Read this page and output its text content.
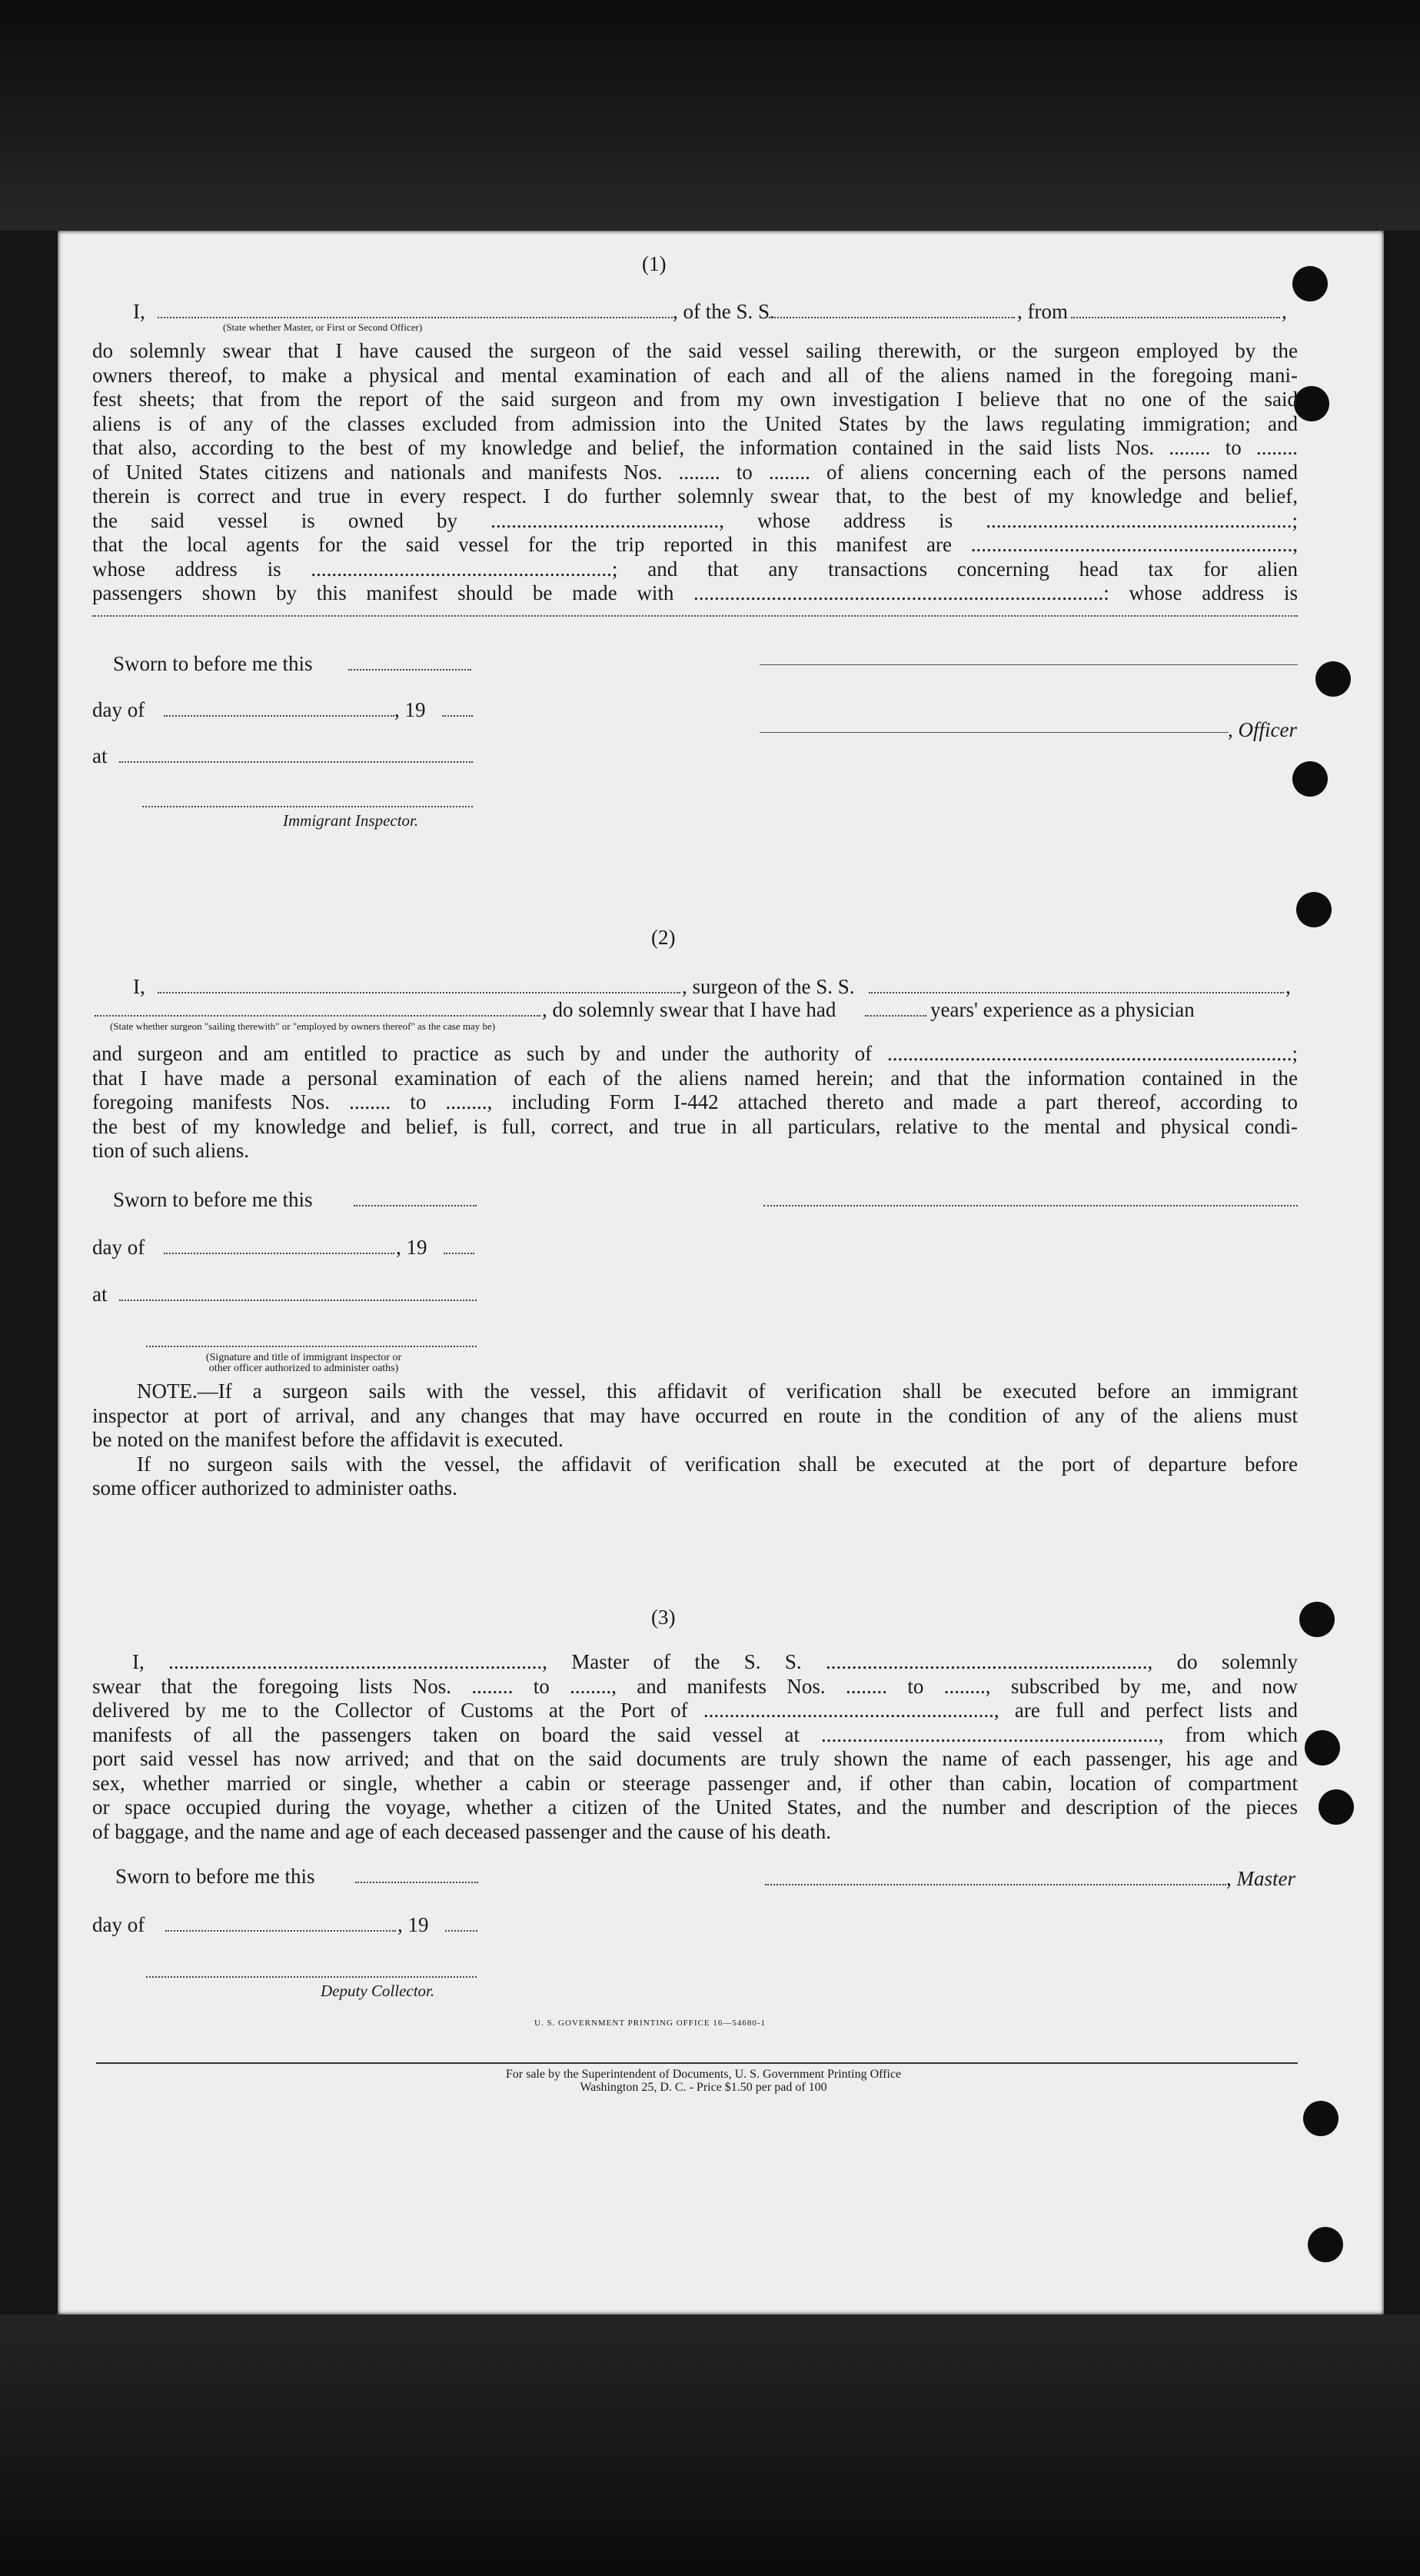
(1)
I,	, of the S. S.	, from	,
(State whether Master, or First or Second Officer)
do solemnly swear that I have caused the surgeon of the said vessel sailing therewith, or the surgeon employed by the
owners thereof, to make a physical and mental examination of each and all of the aliens named in the foregoing mani-
fest sheets; that from the report of the said surgeon and from my own investigation I believe that no one of the said
aliens is of any of the classes excluded from admission into the United States by the laws regulating immigration; and
that also, according to the best of my knowledge and belief, the information contained in the said lists Nos. ........ to ........
of United States citizens and nationals and manifests Nos. ........ to ........ of aliens concerning each of the persons named
therein is correct and true in every respect. I do further solemnly swear that, to the best of my knowledge and belief,
the said vessel is owned by ............................................, whose address is ...........................................................;
that the local agents for the said vessel for the trip reported in this manifest are ..............................................................,
whose address is ..........................................................; and that any transactions concerning head tax for alien
passengers shown by this manifest should be made with ...............................................................................: whose address is
Sworn to before me this
day of	, 19
, Officer
at
Immigrant Inspector.
(2)
I,	, surgeon of the S. S.	,
, do solemnly swear that I have had	years' experience as a physician
(State whether surgeon "sailing therewith" or "employed by owners thereof" as the case may be)
and surgeon and am entitled to practice as such by and under the authority of ..............................................................................;
that I have made a personal examination of each of the aliens named herein; and that the information contained in the
foregoing manifests Nos. ........ to ........, including Form I-442 attached thereto and made a part thereof, according to
the best of my knowledge and belief, is full, correct, and true in all particulars, relative to the mental and physical condi-
tion of such aliens.
Sworn to before me this
day of	, 19
at
(Signature and title of immigrant inspector or
other officer authorized to administer oaths)
NOTE.—If a surgeon sails with the vessel, this affidavit of verification shall be executed before an immigrant
inspector at port of arrival, and any changes that may have occurred en route in the condition of any of the aliens must
be noted on the manifest before the affidavit is executed.
If no surgeon sails with the vessel, the affidavit of verification shall be executed at the port of departure before
some officer authorized to administer oaths.
(3)
I, ........................................................................, Master of the S. S. .............................................................., do solemnly
swear that the foregoing lists Nos. ........ to ........, and manifests Nos. ........ to ........, subscribed by me, and now
delivered by me to the Collector of Customs at the Port of ........................................................, are full and perfect lists and
manifests of all the passengers taken on board the said vessel at ................................................................., from which
port said vessel has now arrived; and that on the said documents are truly shown the name of each passenger, his age and
sex, whether married or single, whether a cabin or steerage passenger and, if other than cabin, location of compartment
or space occupied during the voyage, whether a citizen of the United States, and the number and description of the pieces
of baggage, and the name and age of each deceased passenger and the cause of his death.
Sworn to before me this	, Master
day of	, 19
Deputy Collector.
U. S. GOVERNMENT PRINTING OFFICE 16—54680-1
For sale by the Superintendent of Documents, U. S. Government Printing Office
Washington 25, D. C. - Price $1.50 per pad of 100
